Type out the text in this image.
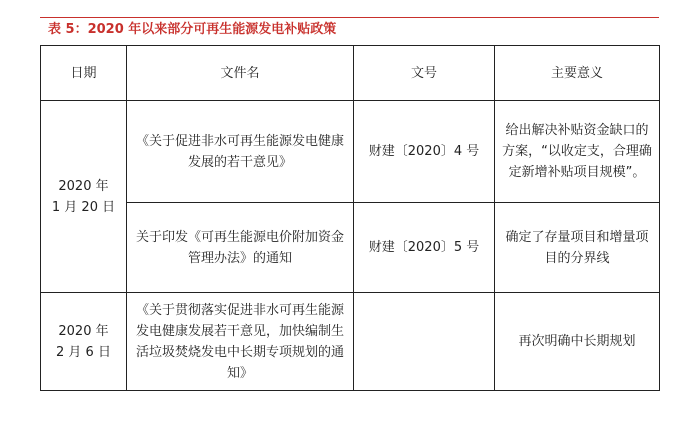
表 5：2020 年以来部分可再生能源发电补贴政策
日期	文件名	文号	主要意义

2020 年
1 月 20 日	《关于促进非水可再生能源发电健康发展的若干意见》	财建〔2020〕4 号	给出解决补贴资金缺口的方案，“以收定支，合理确定新增补贴项目规模”。
	关于印发《可再生能源电价附加资金管理办法》的通知	财建〔2020〕5 号	确定了存量项目和增量项目的分界线

2020 年
2 月 6 日	《关于贯彻落实促进非水可再生能源发电健康发展若干意见，加快编制生活垃圾焚烧发电中长期专项规划的通知》		再次明确中长期规划
